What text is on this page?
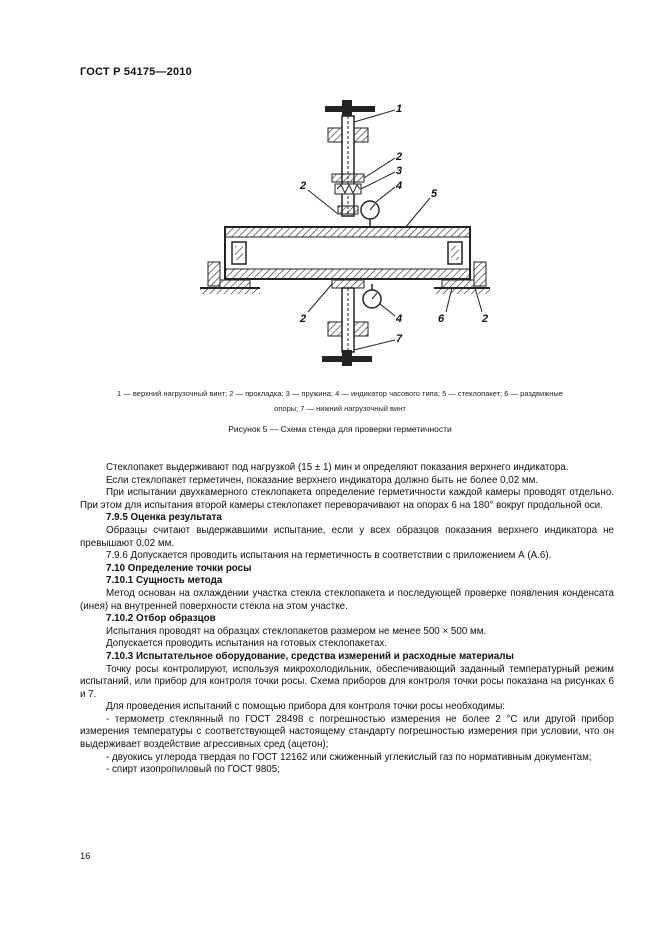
ГОСТ Р 54175—2010
1
2
3
4
2
5
2	4	6	2
7
1 — верхний нагрузочный винт; 2 — прокладка; 3 — пружина; 4 — индикатор часового типа; 5 — стеклопакет; 6 — раздвижные
опоры; 7 — нижний нагрузочный винт
Рисунок 5 — Схема стенда для проверки герметичности

Стеклопакет выдерживают под нагрузкой (15 ± 1) мин и определяют показания верхнего индикатора.

Если стеклопакет герметичен, показание верхнего индикатора должно быть не более 0,02 мм.

При испытании двухкамерного стеклопакета определение герметичности каждой камеры проводят отдельно. При этом для испытания второй камеры стеклопакет переворачивают на опорах 6 на 180° вокруг продольной оси.

7.9.5 Оценка результата

Образцы считают выдержавшими испытание, если у всех образцов показания верхнего индикатора не превышают 0,02 мм.

7.9.6 Допускается проводить испытания на герметичность в соответствии с приложением А (А.6).

7.10 Определение точки росы

7.10.1 Сущность метода

Метод основан на охлаждении участка стекла стеклопакета и последующей проверке появления конденсата (инея) на внутренней поверхности стекла на этом участке.

7.10.2 Отбор образцов

Испытания проводят на образцах стеклопакетов размером не менее 500 × 500 мм.

Допускается проводить испытания на готовых стеклопакетах.

7.10.3 Испытательное оборудование, средства измерений и расходные материалы

Точку росы контролируют, используя микрохолодильник, обеспечивающий заданный температурный режим испытаний, или прибор для контроля точки росы. Схема приборов для контроля точки росы показана на рисунках 6 и 7.

Для проведения испытаний с помощью прибора для контроля точки росы необходимы:

- термометр стеклянный по ГОСТ 28498 с погрешностью измерения не более 2 °С или другой прибор измерения температуры с соответствующей настоящему стандарту погрешностью измерения при условии, что он выдерживает воздействие агрессивных сред (ацетон);

- двуокись углерода твердая по ГОСТ 12162 или сжиженный углекислый газ по нормативным документам;

- спирт изопропиловый по ГОСТ 9805;

16
